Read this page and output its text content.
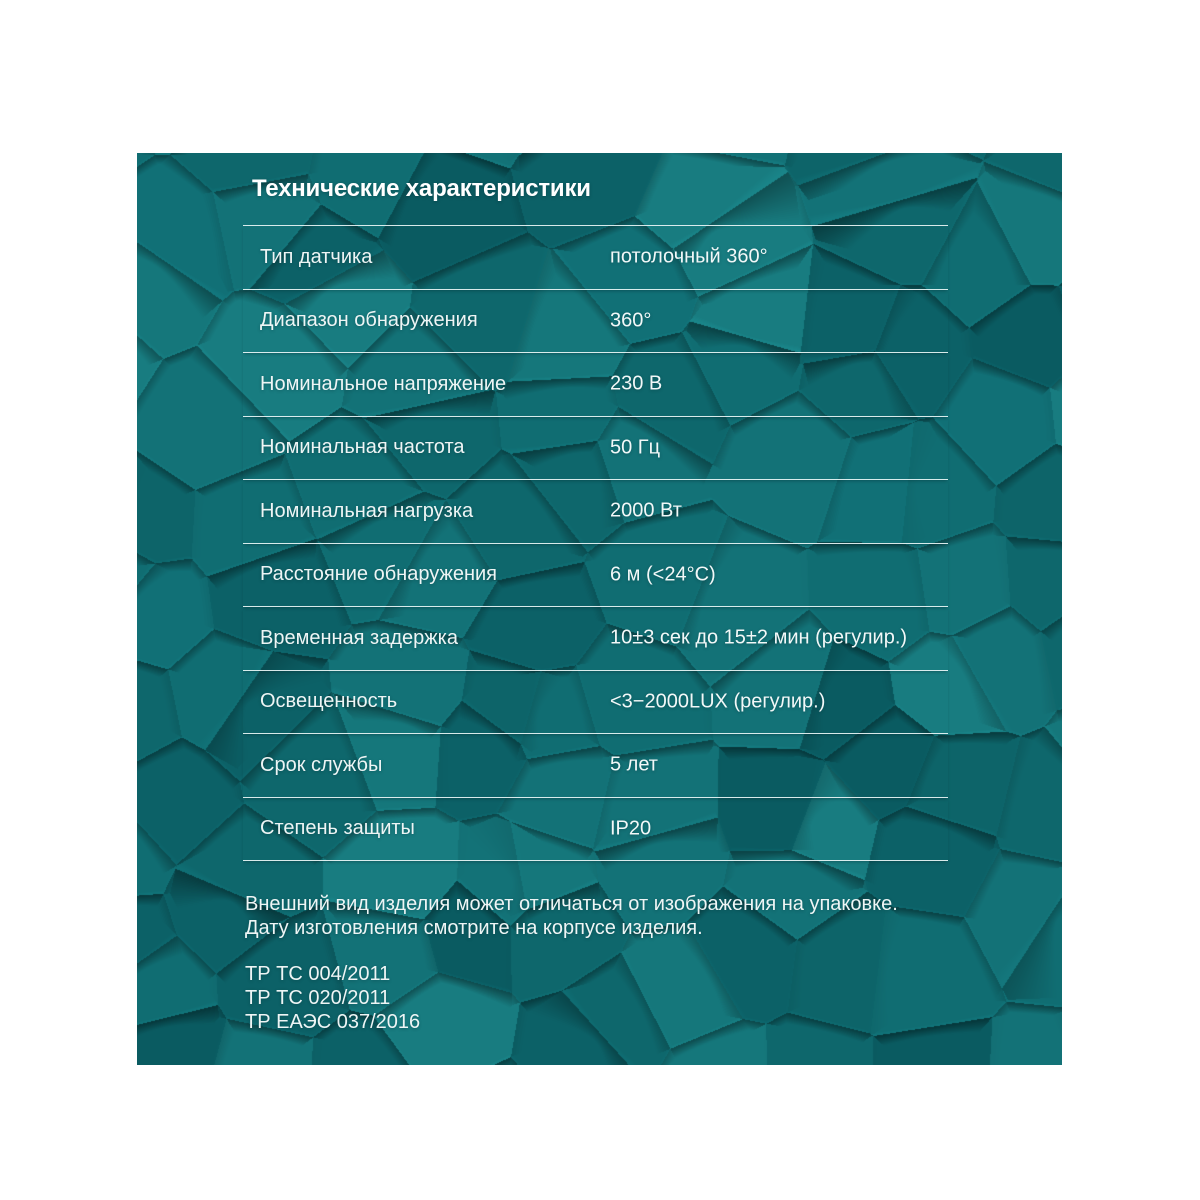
Технические характеристики
Тип датчика	потолочный 360°
Диапазон обнаружения	360°
Номинальное напряжение	230 В
Номинальная частота	50 Гц
Номинальная нагрузка	2000 Вт
Расстояние обнаружения	6 м (<24°С)
Временная задержка	10±3 сек до 15±2 мин (регулир.)
Освещенность	<3−2000LUX (регулир.)
Срок службы	5 лет
Степень защиты	IP20
Внешний вид изделия может отличаться от изображения на упаковке.
Дату изготовления смотрите на корпусе изделия.
ТР ТС 004/2011
ТР ТС 020/2011
ТР ЕАЭС 037/2016
